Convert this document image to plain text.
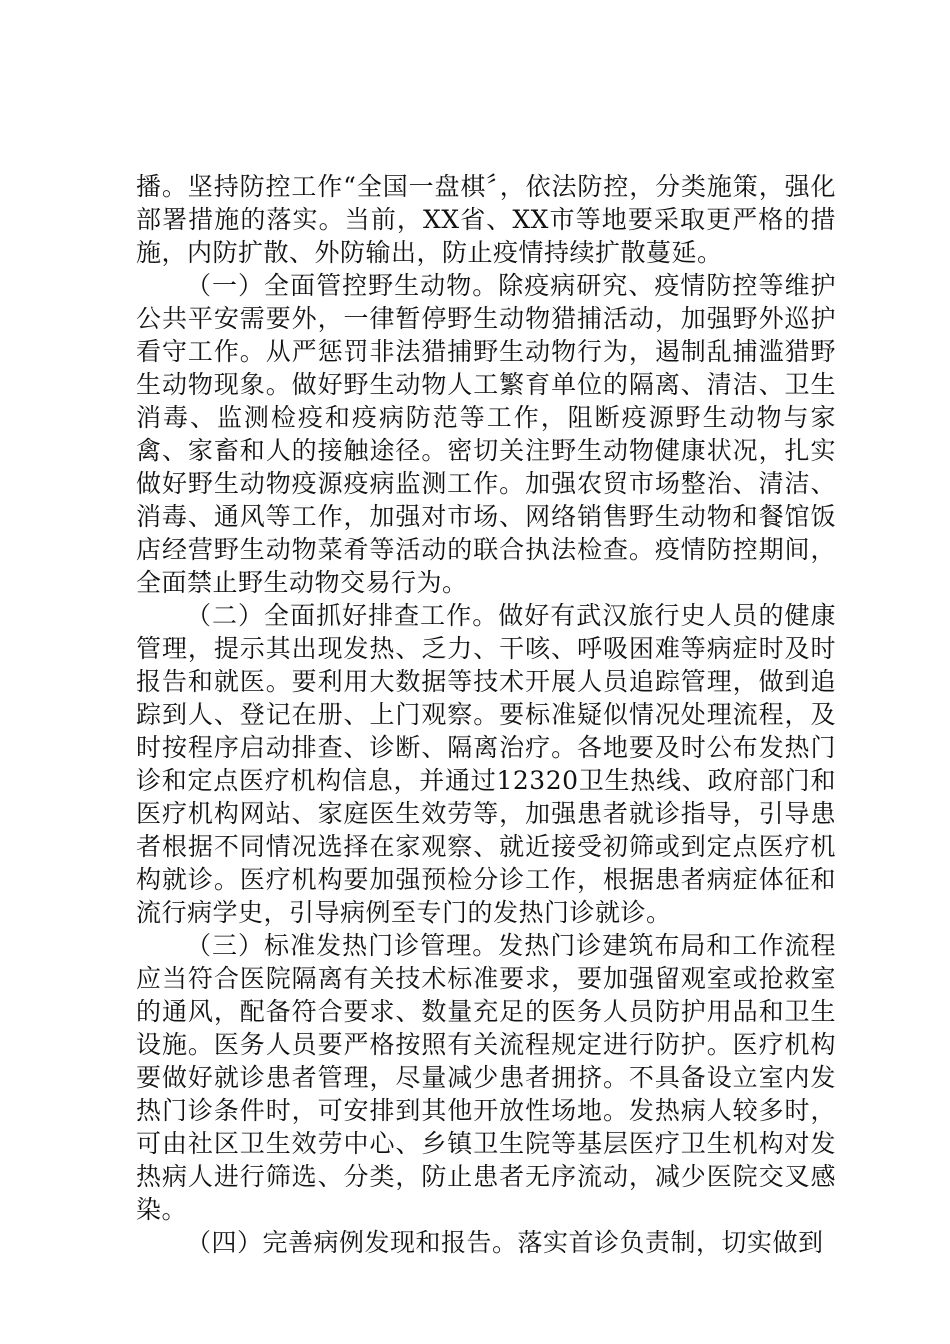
播。坚持防控工作“全国一盘棋〞，依法防控，分类施策，强化部署措施的落实。当前，XX省、XX市等地要采取更严格的措施，内防扩散、外防输出，防止疫情持续扩散蔓延。

（一）全面管控野生动物。除疫病研究、疫情防控等维护公共平安需要外，一律暂停野生动物猎捕活动，加强野外巡护看守工作。从严惩罚非法猎捕野生动物行为，遏制乱捕滥猎野生动物现象。做好野生动物人工繁育单位的隔离、清洁、卫生消毒、监测检疫和疫病防范等工作，阻断疫源野生动物与家禽、家畜和人的接触途径。密切关注野生动物健康状况，扎实做好野生动物疫源疫病监测工作。加强农贸市场整治、清洁、消毒、通风等工作，加强对市场、网络销售野生动物和餐馆饭店经营野生动物菜肴等活动的联合执法检查。疫情防控期间，全面禁止野生动物交易行为。

（二）全面抓好排查工作。做好有武汉旅行史人员的健康管理，提示其出现发热、乏力、干咳、呼吸困难等病症时及时报告和就医。要利用大数据等技术开展人员追踪管理，做到追踪到人、登记在册、上门观察。要标准疑似情况处理流程，及时按程序启动排查、诊断、隔离治疗。各地要及时公布发热门诊和定点医疗机构信息，并通过12320卫生热线、政府部门和医疗机构网站、家庭医生效劳等，加强患者就诊指导，引导患者根据不同情况选择在家观察、就近接受初筛或到定点医疗机构就诊。医疗机构要加强预检分诊工作，根据患者病症体征和流行病学史，引导病例至专门的发热门诊就诊。

（三）标准发热门诊管理。发热门诊建筑布局和工作流程应当符合医院隔离有关技术标准要求，要加强留观室或抢救室的通风，配备符合要求、数量充足的医务人员防护用品和卫生设施。医务人员要严格按照有关流程规定进行防护。医疗机构要做好就诊患者管理，尽量减少患者拥挤。不具备设立室内发热门诊条件时，可安排到其他开放性场地。发热病人较多时，可由社区卫生效劳中心、乡镇卫生院等基层医疗卫生机构对发热病人进行筛选、分类，防止患者无序流动，减少医院交叉感染。

（四）完善病例发现和报告。落实首诊负责制，切实做到
